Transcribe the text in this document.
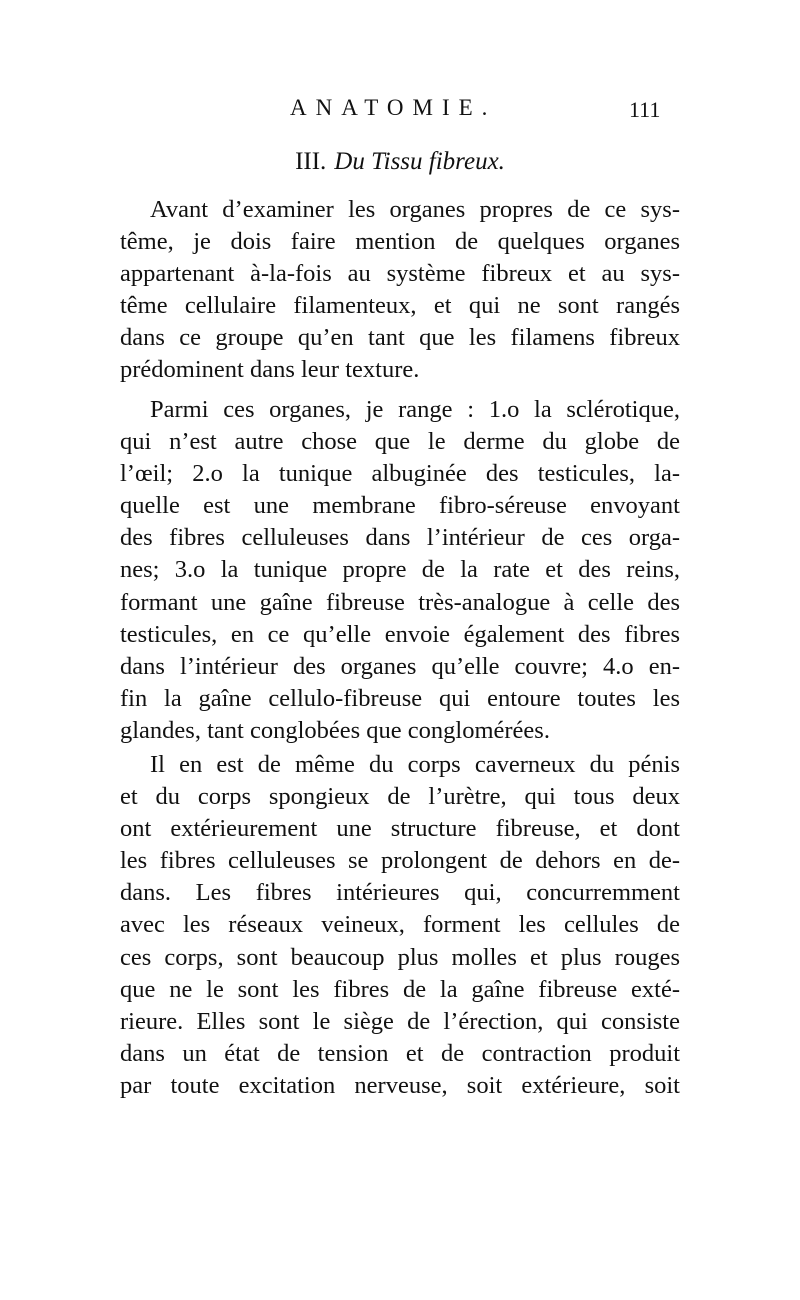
ANATOMIE.	111
III. Du Tissu fibreux.
Avant d’examiner les organes propres de ce sys-
tême, je dois faire mention de quelques organes
appartenant à-la-fois au système fibreux et au sys-
tême cellulaire filamenteux, et qui ne sont rangés
dans ce groupe qu’en tant que les filamens fibreux
prédominent dans leur texture.
Parmi ces organes, je range : 1.o la sclérotique,
qui n’est autre chose que le derme du globe de
l’œil; 2.o la tunique albuginée des testicules, la-
quelle est une membrane fibro-séreuse envoyant
des fibres celluleuses dans l’intérieur de ces orga-
nes; 3.o la tunique propre de la rate et des reins,
formant une gaîne fibreuse très-analogue à celle des
testicules, en ce qu’elle envoie également des fibres
dans l’intérieur des organes qu’elle couvre; 4.o en-
fin la gaîne cellulo-fibreuse qui entoure toutes les
glandes, tant conglobées que conglomérées.
Il en est de même du corps caverneux du pénis
et du corps spongieux de l’urètre, qui tous deux
ont extérieurement une structure fibreuse, et dont
les fibres celluleuses se prolongent de dehors en de-
dans. Les fibres intérieures qui, concurremment
avec les réseaux veineux, forment les cellules de
ces corps, sont beaucoup plus molles et plus rouges
que ne le sont les fibres de la gaîne fibreuse exté-
rieure. Elles sont le siège de l’érection, qui consiste
dans un état de tension et de contraction produit
par toute excitation nerveuse, soit extérieure, soit
